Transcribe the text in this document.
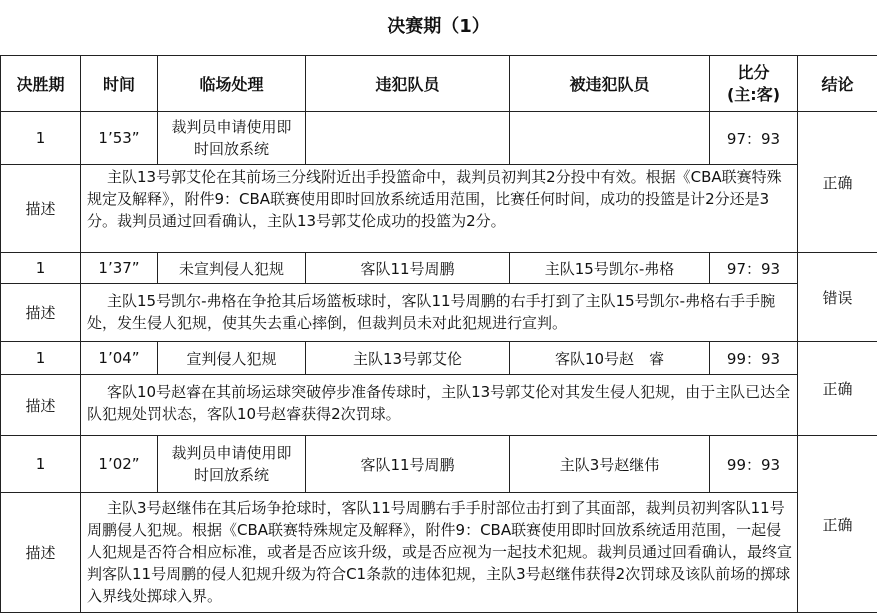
决赛期（1）
决胜期	时间	临场处理	违犯队员	被违犯队员	比分
(主:客)	结论
1	1’53”	裁判员申请使用即时回放系统			97：93	正确
描述	主队13号郭艾伦在其前场三分线附近出手投篮命中，裁判员初判其2分投中有效。根据《CBA联赛特殊规定及解释》，附件9：CBA联赛使用即时回放系统适用范围，比赛任何时间，成功的投篮是计2分还是3分。裁判员通过回看确认，主队13号郭艾伦成功的投篮为2分。					
1	1’37”	未宣判侵人犯规	客队11号周鹏	主队15号凯尔-弗格	97：93	错误
描述	主队15号凯尔-弗格在争抢其后场篮板球时，客队11号周鹏的右手打到了主队15号凯尔-弗格右手手腕处，发生侵人犯规，使其失去重心摔倒，但裁判员未对此犯规进行宣判。					
1	1’04”	宣判侵人犯规	主队13号郭艾伦	客队10号赵　睿	99：93	正确
描述	客队10号赵睿在其前场运球突破停步准备传球时，主队13号郭艾伦对其发生侵人犯规，由于主队已达全队犯规处罚状态，客队10号赵睿获得2次罚球。					
1	1’02”	裁判员申请使用即时回放系统	客队11号周鹏	主队3号赵继伟	99：93	正确
描述	主队3号赵继伟在其后场争抢球时，客队11号周鹏右手手肘部位击打到了其面部，裁判员初判客队11号周鹏侵人犯规。根据《CBA联赛特殊规定及解释》，附件9：CBA联赛使用即时回放系统适用范围，一起侵人犯规是否符合相应标准，或者是否应该升级，或是否应视为一起技术犯规。裁判员通过回看确认，最终宣判客队11号周鹏的侵人犯规升级为符合C1条款的违体犯规，主队3号赵继伟获得2次罚球及该队前场的掷球入界线处掷球入界。					
